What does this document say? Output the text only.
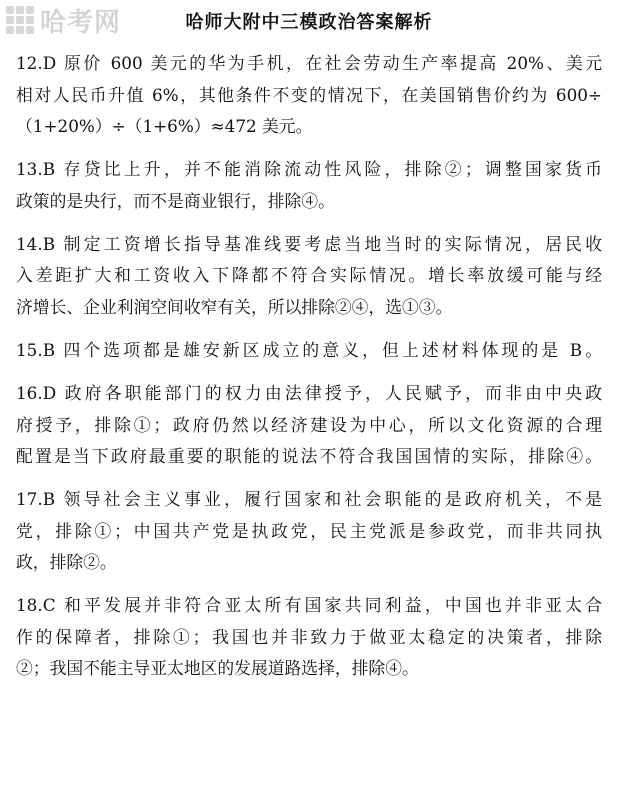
哈考网	哈师大附中三模政治答案解析
12.D 原价 600 美元的华为手机，在社会劳动生产率提高 20%、美元
相对人民币升值 6%，其他条件不变的情况下，在美国销售价约为 600÷
（1+20%）÷（1+6%）≈472 美元。
13.B 存贷比上升，并不能消除流动性风险，排除②；调整国家货币
政策的是央行，而不是商业银行，排除④。
14.B 制定工资增长指导基准线要考虑当地当时的实际情况，居民收
入差距扩大和工资收入下降都不符合实际情况。增长率放缓可能与经
济增长、企业利润空间收窄有关，所以排除②④，选①③。
15.B 四个选项都是雄安新区成立的意义，但上述材料体现的是 B。
16.D 政府各职能部门的权力由法律授予，人民赋予，而非由中央政
府授予，排除①；政府仍然以经济建设为中心，所以文化资源的合理
配置是当下政府最重要的职能的说法不符合我国国情的实际，排除④。
17.B 领导社会主义事业，履行国家和社会职能的是政府机关，不是
党，排除①；中国共产党是执政党，民主党派是参政党，而非共同执
政，排除②。
18.C 和平发展并非符合亚太所有国家共同利益，中国也并非亚太合
作的保障者，排除①；我国也并非致力于做亚太稳定的决策者，排除
②；我国不能主导亚太地区的发展道路选择，排除④。
